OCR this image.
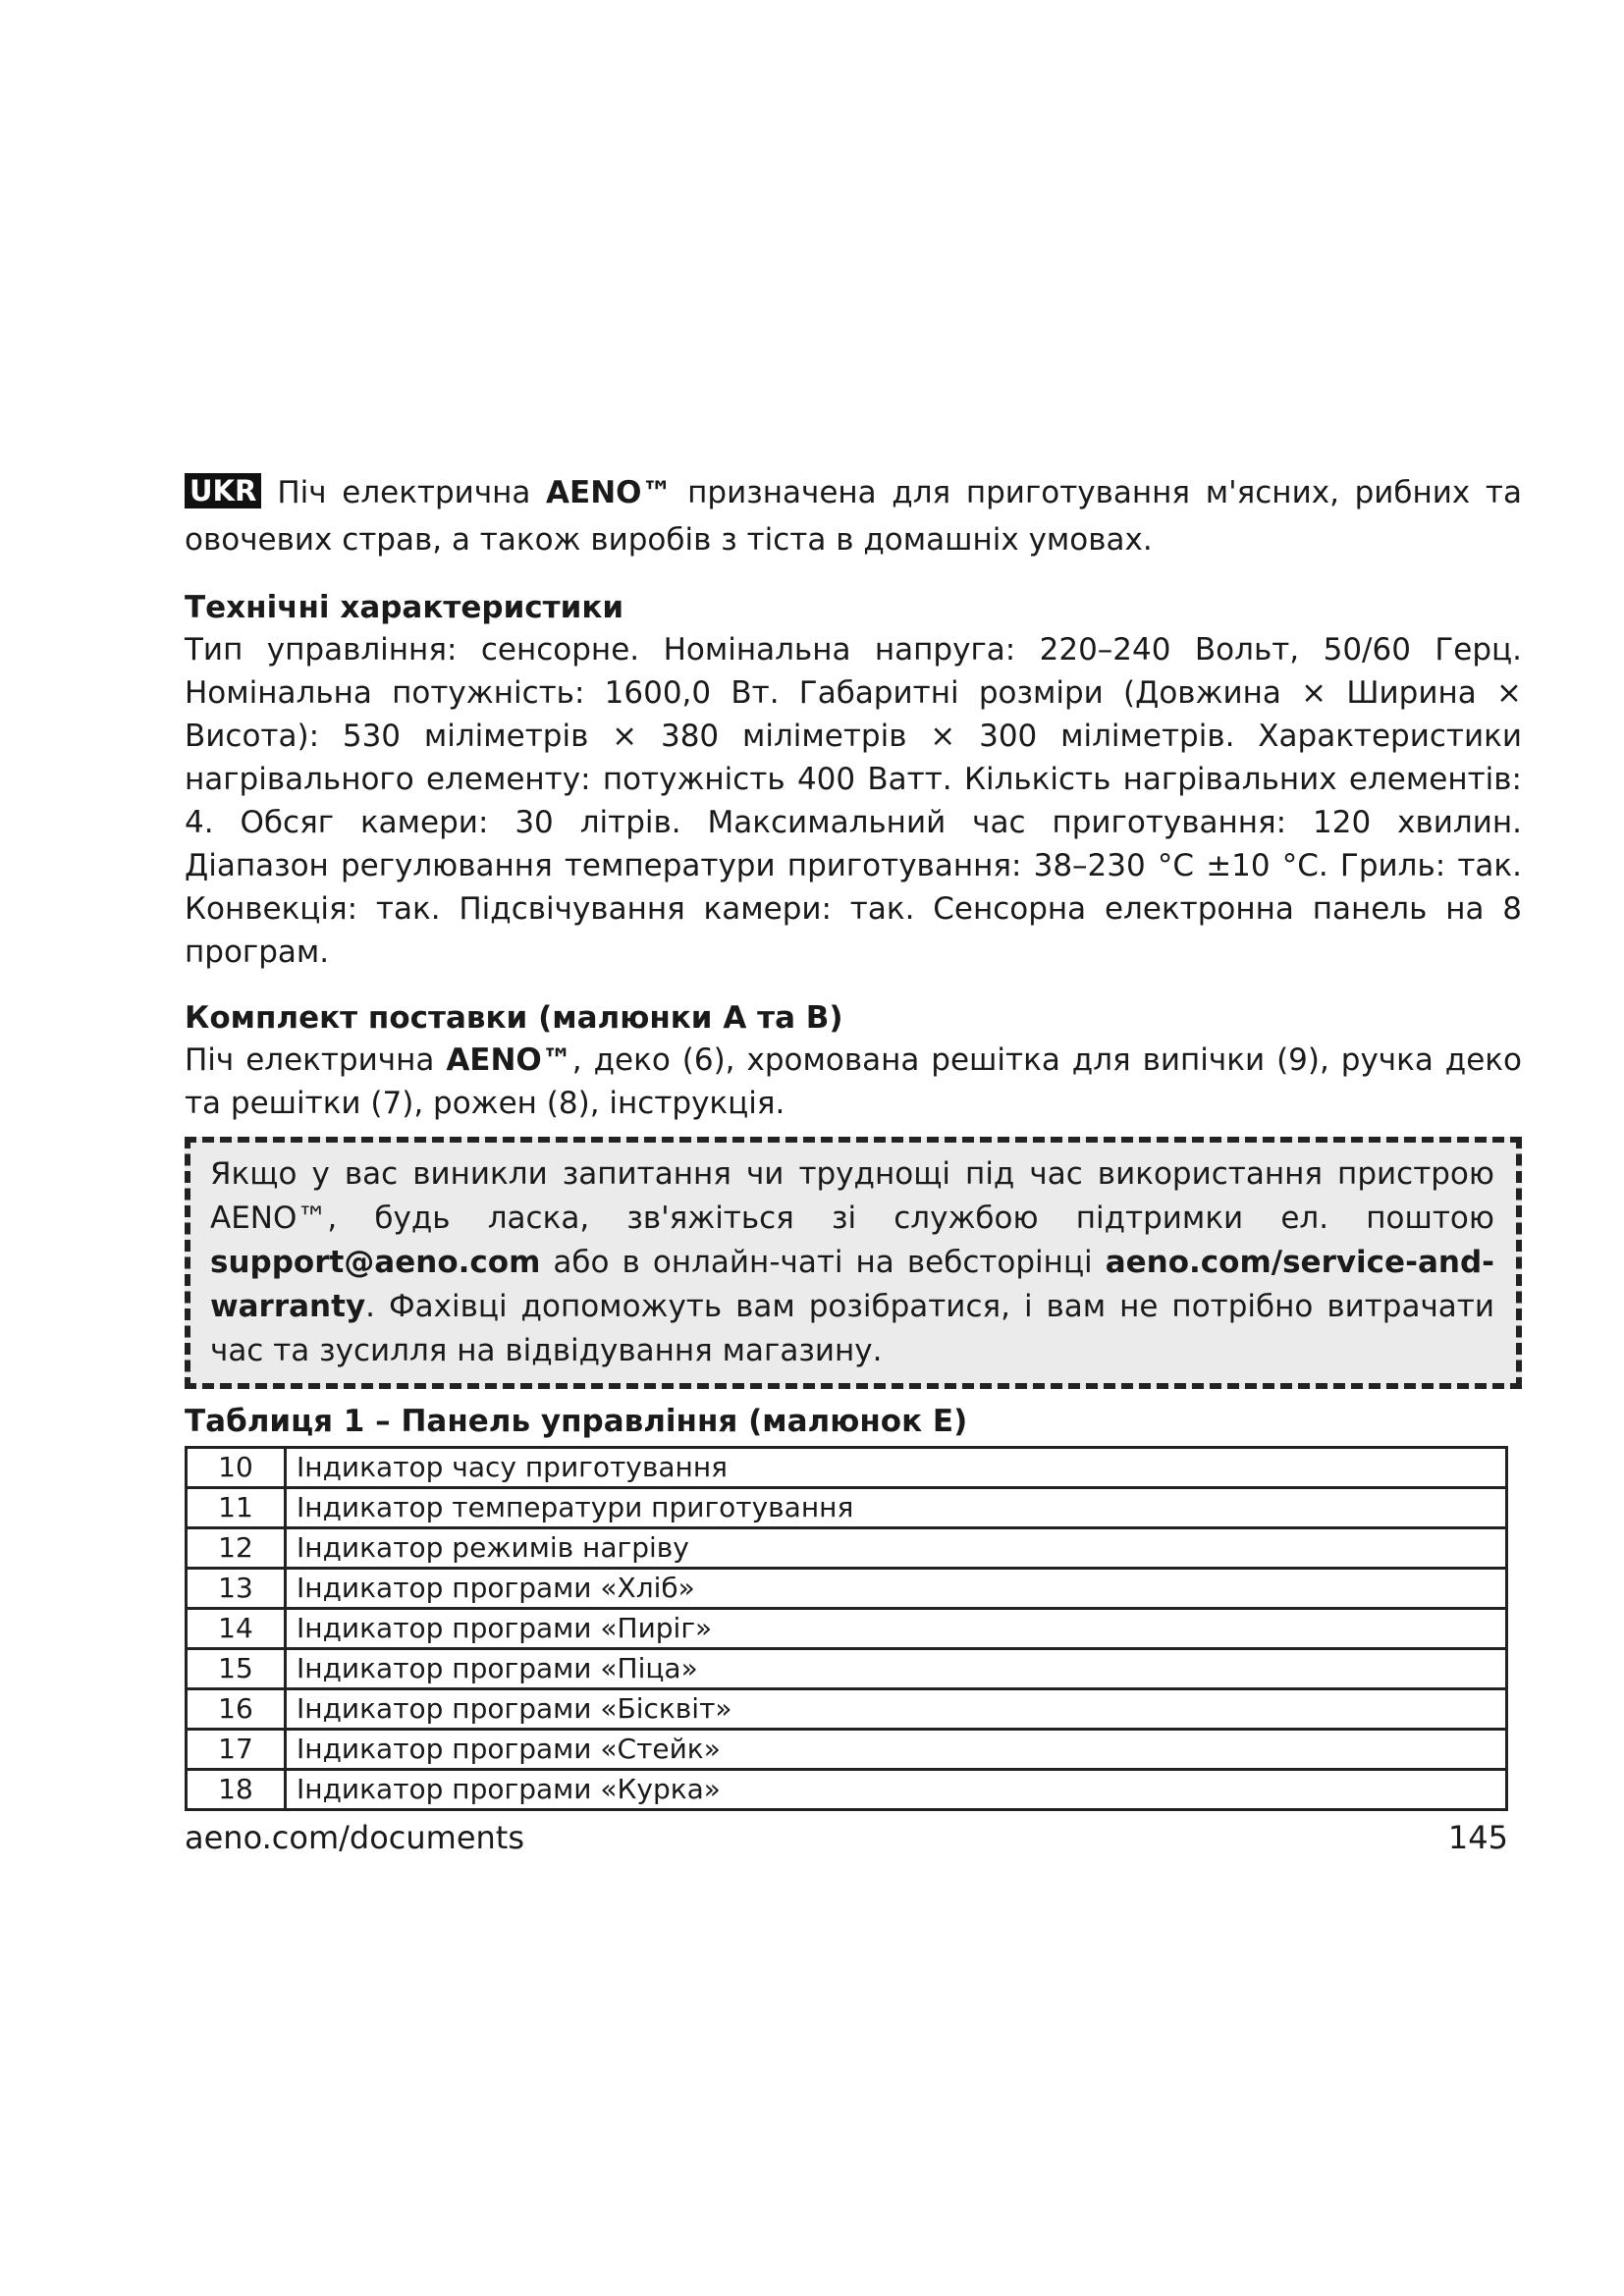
UKR Піч електрична AENO™ призначена для приготування м'ясних, рибних та овочевих страв, а також виробів з тіста в домашніх умовах.

Технічні характеристики

Тип управління: сенсорне. Номінальна напруга: 220–240 Вольт, 50/60 Герц. Номінальна потужність: 1600,0 Вт. Габаритні розміри (Довжина × Ширина × Висота): 530 міліметрів × 380 міліметрів × 300 міліметрів. Характеристики нагрівального елементу: потужність 400 Ватт. Кількість нагрівальних елементів: 4. Обсяг камери: 30 літрів. Максимальний час приготування: 120 хвилин. Діапазон регулювання температури приготування: 38–230 °C ±10 °C. Гриль: так. Конвекція: так. Підсвічування камери: так. Сенсорна електронна панель на 8 програм.

Комплект поставки (малюнки A та B)

Піч електрична AENO™, деко (6), хромована решітка для випічки (9), ручка деко та решітки (7), рожен (8), інструкція.

Якщо у вас виникли запитання чи труднощі під час використання пристрою AENO™, будь ласка, зв'яжіться зі службою підтримки ел. поштою support@aeno.com або в онлайн-чаті на вебсторінці aeno.com/service-and-warranty. Фахівці допоможуть вам розібратися, і вам не потрібно витрачати час та зусилля на відвідування магазину.

Таблиця 1 – Панель управління (малюнок E)
10	Індикатор часу приготування
11	Індикатор температури приготування
12	Індикатор режимів нагріву
13	Індикатор програми «Хліб»
14	Індикатор програми «Пиріг»
15	Індикатор програми «Піца»
16	Індикатор програми «Бісквіт»
17	Індикатор програми «Стейк»
18	Індикатор програми «Курка»
aeno.com/documents	145
